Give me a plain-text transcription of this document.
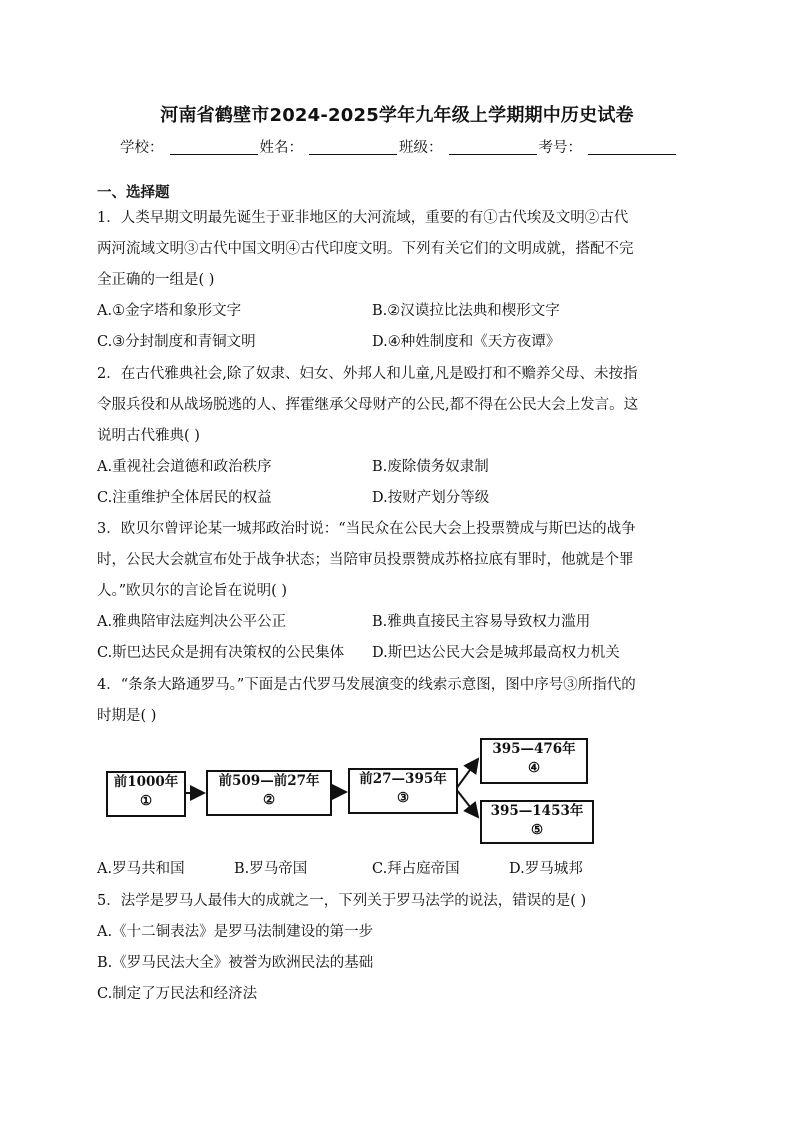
河南省鹤壁市2024-2025学年九年级上学期期中历史试卷
学校：	姓名：	班级：	考号：
一、选择题
1．人类早期文明最先诞生于亚非地区的大河流域，重要的有①古代埃及文明②古代
两河流域文明③古代中国文明④古代印度文明。下列有关它们的文明成就，搭配不完
全正确的一组是( )
A.①金字塔和象形文字	B.②汉谟拉比法典和楔形文字
C.③分封制度和青铜文明	D.④种姓制度和《天方夜谭》
2．在古代雅典社会,除了奴隶、妇女、外邦人和儿童,凡是殴打和不赡养父母、未按指
令服兵役和从战场脱逃的人、挥霍继承父母财产的公民,都不得在公民大会上发言。这
说明古代雅典( )
A.重视社会道德和政治秩序	B.废除债务奴隶制
C.注重维护全体居民的权益	D.按财产划分等级
3．欧贝尔曾评论某一城邦政治时说：“当民众在公民大会上投票赞成与斯巴达的战争
时，公民大会就宣布处于战争状态；当陪审员投票赞成苏格拉底有罪时，他就是个罪
人。”欧贝尔的言论旨在说明( )
A.雅典陪审法庭判决公平公正	B.雅典直接民主容易导致权力滥用
C.斯巴达民众是拥有决策权的公民集体 D.斯巴达公民大会是城邦最高权力机关
4．“条条大路通罗马。”下面是古代罗马发展演变的线索示意图，图中序号③所指代的
时期是( )
前1000年
①
前509—前27年
②
前27—395年
③
395—476年
④
395—1453年
⑤
A.罗马共和国	B.罗马帝国	C.拜占庭帝国	D.罗马城邦
5．法学是罗马人最伟大的成就之一，下列关于罗马法学的说法，错误的是( )
A.《十二铜表法》是罗马法制建设的第一步
B.《罗马民法大全》被誉为欧洲民法的基础
C.制定了万民法和经济法
